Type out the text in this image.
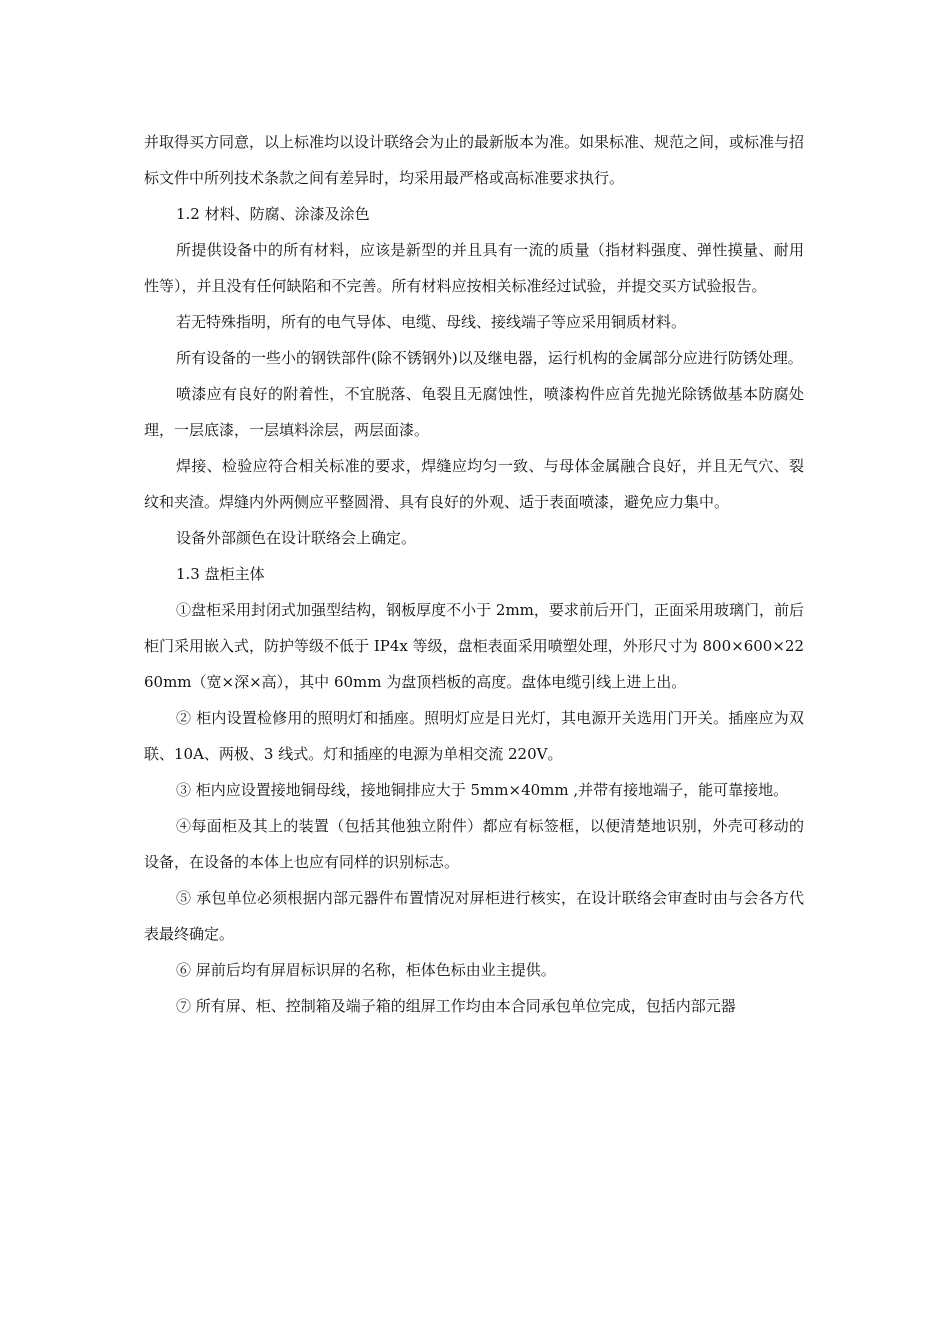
并取得买方同意，以上标准均以设计联络会为止的最新版本为准。如果标准、规范之间，或标准与招标文件中所列技术条款之间有差异时，均采用最严格或高标准要求执行。

1.2 材料、防腐、涂漆及涂色

所提供设备中的所有材料，应该是新型的并且具有一流的质量（指材料强度、弹性摸量、耐用性等），并且没有任何缺陷和不完善。所有材料应按相关标准经过试验，并提交买方试验报告。

若无特殊指明，所有的电气导体、电缆、母线、接线端子等应采用铜质材料。

所有设备的一些小的钢铁部件(除不锈钢外)以及继电器，运行机构的金属部分应进行防锈处理。

喷漆应有良好的附着性，不宜脱落、龟裂且无腐蚀性，喷漆构件应首先抛光除锈做基本防腐处理，一层底漆，一层填料涂层，两层面漆。

焊接、检验应符合相关标准的要求，焊缝应均匀一致、与母体金属融合良好，并且无气穴、裂纹和夹渣。焊缝内外两侧应平整圆滑、具有良好的外观、适于表面喷漆，避免应力集中。

设备外部颜色在设计联络会上确定。

1.3 盘柜主体

①盘柜采用封闭式加强型结构，钢板厚度不小于 2mm，要求前后开门，正面采用玻璃门，前后柜门采用嵌入式，防护等级不低于 IP4x 等级，盘柜表面采用喷塑处理，外形尺寸为 800×600×2260mm（宽×深×高），其中 60mm 为盘顶档板的高度。盘体电缆引线上进上出。

② 柜内设置检修用的照明灯和插座。照明灯应是日光灯，其电源开关选用门开关。插座应为双联、10A、两极、3 线式。灯和插座的电源为单相交流 220V。

③ 柜内应设置接地铜母线，接地铜排应大于 5mm×40mm ,并带有接地端子，能可靠接地。

④每面柜及其上的装置（包括其他独立附件）都应有标签框，以便清楚地识别，外壳可移动的设备，在设备的本体上也应有同样的识别标志。

⑤ 承包单位必须根据内部元器件布置情况对屏柜进行核实，在设计联络会审查时由与会各方代表最终确定。

⑥ 屏前后均有屏眉标识屏的名称，柜体色标由业主提供。

⑦ 所有屏、柜、控制箱及端子箱的组屏工作均由本合同承包单位完成，包括内部元器
